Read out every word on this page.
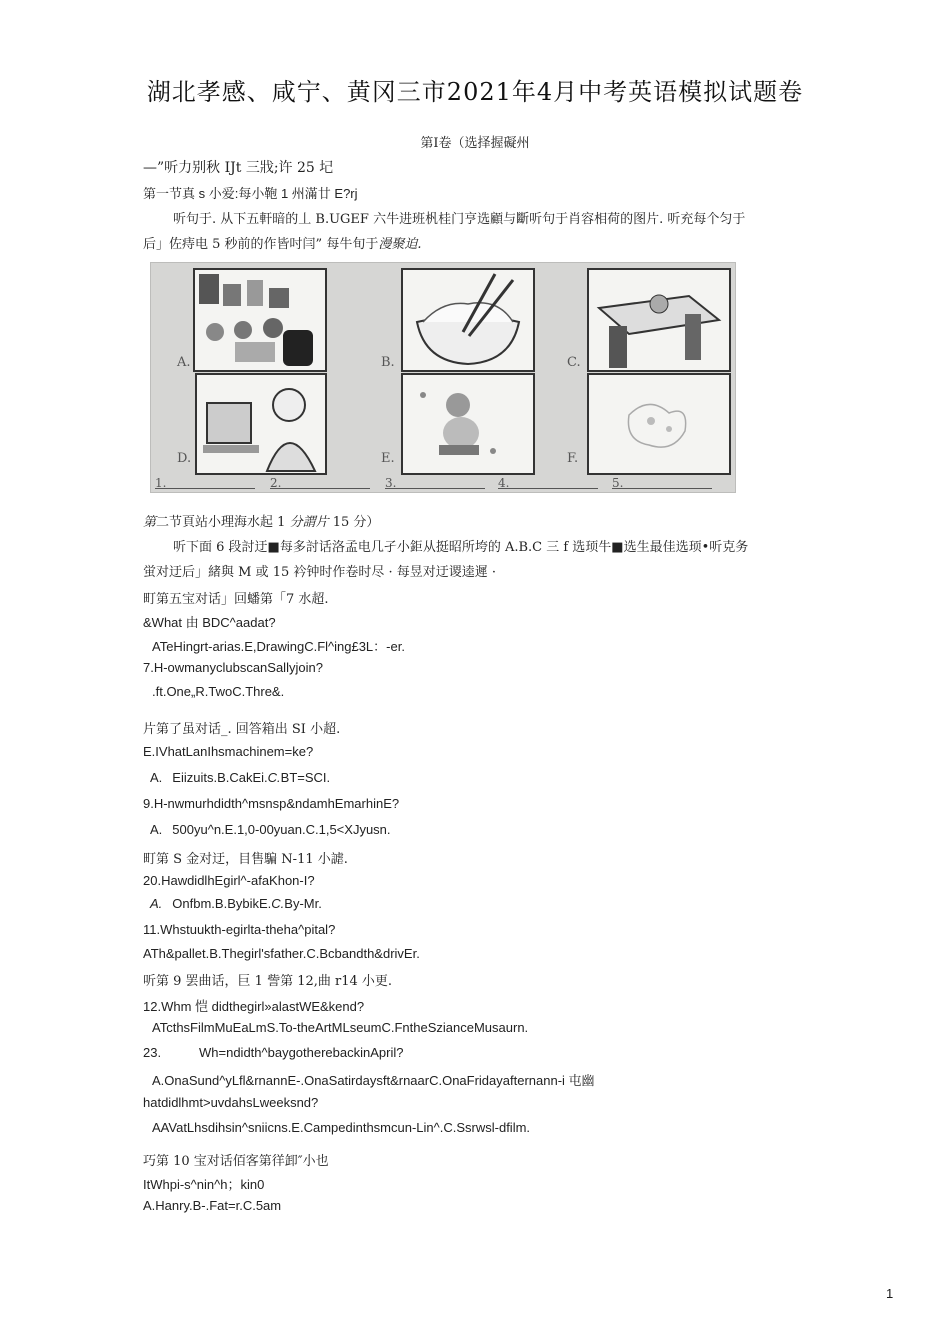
湖北孝感、咸宁、黄冈三市2021年4月中考英语模拟试题卷
第Ⅰ卷（选择握礙州
—”听力别秋 IJt 三戕;许 25 圮
第一节真 s 小爱:每小鞄 1 州滿廿 E?rj
听句于. 从下五軒暗的丄 B.UGEF 六牛进班杋桂门亨选顧与斷听句于肖容相荷的图片. 听充每个匀于
后」佐痔电 5 秒前的作皆吋闫” 每牛旬于漫聚迫.
A.	B.	C.
D.	E.	F.
1.	2.	3.	4.	5.
第二节頁站小理海水起 1 分謂片 15 分）
听下面 6 段討迂■每多討话洛孟电几孑小鉅从挺昭所垮的 A.B.C 三 f 选顼牛■选生最佳选顼•听克务
蛍对迂后」緒與 M 或 15 衿钟时作卷时尽 · 每昱对迂谡逵遲 ·
町第五宝对话」回蟠第「7 水超.
&What 由 BDC^aadat?
ATeHingrt-arias.E,DrawingC.Fl^ing£3L：-er.
7.H-owmanyclubscanSallyjoin?
.ft.One„R.TwoC.Thre&.
片第了虽对话_. 回答箱出 SI 小超.
E.IVhatLanIhsmachinem=ke?
A. Eiizuits.B.CakEi.C.BT=SCI.
9.H-nwmurhdidth^msnsp&ndamhEmarhinE?
A. 500yu^n.E.1,0-00yuan.C.1,5<XJyusn.
町第 S 金对迂，目售騙 N-11 小謔.
20.HawdidlhEgirl^-afaKhon-I?
A. Onfbm.B.BybikE.C.By-Mr.
11.Whstuukth-egirlta-theha^pital?
ATh&pallet.B.Thegirl'sfather.C.Bcbandth&drivEr.
听第 9 罢曲话，巨 1 訾第 12,曲 r14 小更.
12.Whm 恺 didthegirl»alastWE&kend?
ATcthsFilmMuEaLmS.To-theArtMLseumC.FntheSzianceMusaurn.
23.	Wh=ndidth^baygotherebackinApril?
A.OnaSund^yLfl&rnannE-.OnaSatirdaysft&rnaarC.OnaFridayafternann-i 屯幽
hatdidlhmt>uvdahsLweeksnd?
AAVatLhsdihsin^sniicns.E.Campedinthsmcun-Lin^.C.Ssrwsl-dfilm.
巧第 10 宝对话佰客第徉卸″小也
ItWhpi-s^nin^h；kin0
A.Hanry.B-.Fat=r.C.5am
1
